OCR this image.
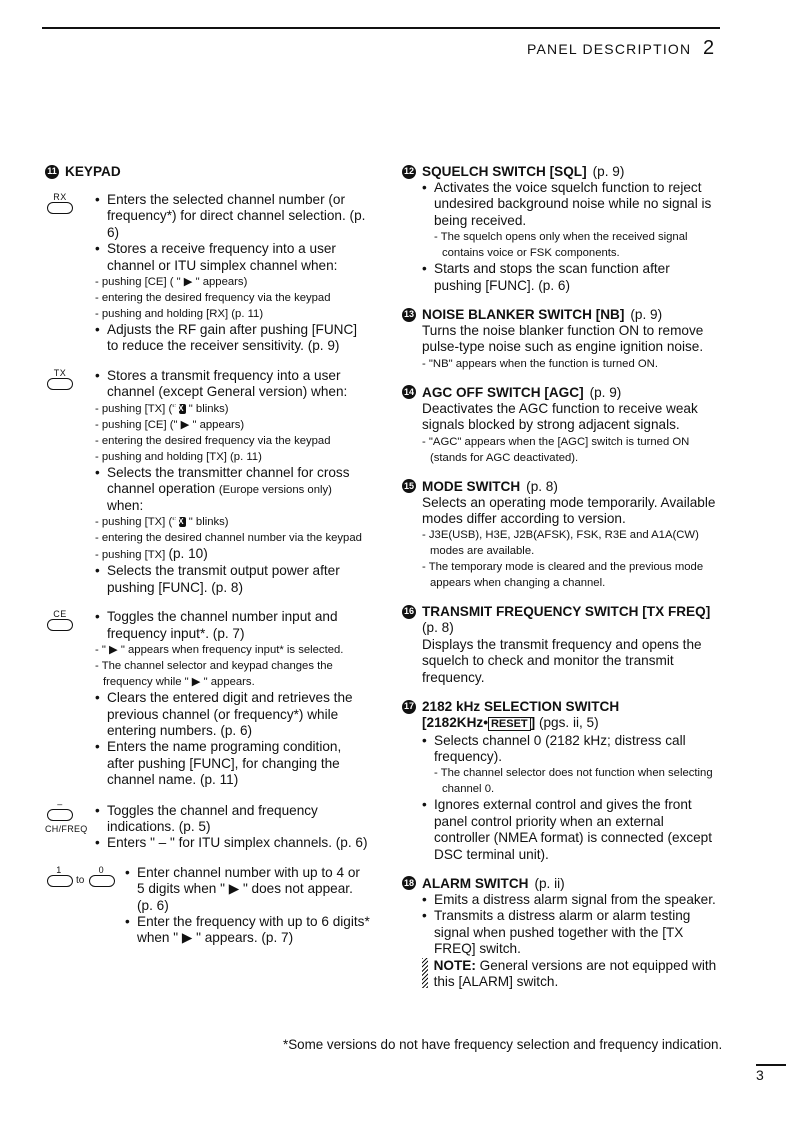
PANEL DESCRIPTION 2
11 KEYPAD
RX	• Enters the selected channel number (or frequency*) for direct channel selection. (p. 6)

• Stores a receive frequency into a user channel or ITU simplex channel when:

- pushing [CE] ( " ▶ " appears)

- entering the desired frequency via the keypad

- pushing and holding [RX] (p. 11)

• Adjusts the RF gain after pushing [FUNC] to reduce the receiver sensitivity. (p. 9)

TX	• Stores a transmit frequency into a user channel (except General version) when:

- pushing [TX] (" TX " blinks)

- pushing [CE] (" ▶ " appears)

- entering the desired frequency via the keypad

- pushing and holding [TX] (p. 11)

• Selects the transmitter channel for cross channel operation (Europe versions only) when:

- pushing [TX] (" TX " blinks)

- entering the desired channel number via the keypad

- pushing [TX] (p. 10)

• Selects the transmit output power after pushing [FUNC]. (p. 8)

CE	• Toggles the channel number input and frequency input*. (p. 7)

- " ▶ " appears when frequency input* is selected.

- The channel selector and keypad changes the frequency while " ▶ " appears.

• Clears the entered digit and retrieves the previous channel (or frequency*) while entering numbers. (p. 6)

• Enters the name programing condition, after pushing [FUNC], for changing the channel name. (p. 11)

–
CH/FREQ

• Toggles the channel and frequency indications. (p. 5)

• Enters " – " for ITU simplex channels. (p. 6)

1
to
0	• Enter channel number with up to 4 or 5 digits when " ▶ " does not appear. (p. 6)

• Enter the frequency with up to 6 digits* when " ▶ " appears. (p. 7)

12 SQUELCH SWITCH [SQL] (p. 9)

• Activates the voice squelch function to reject undesired background noise while no signal is being received.

- The squelch opens only when the received signal contains voice or FSK components.

• Starts and stops the scan function after pushing [FUNC]. (p. 6)

13 NOISE BLANKER SWITCH [NB] (p. 9)

Turns the noise blanker function ON to remove pulse-type noise such as engine ignition noise.

- "NB" appears when the function is turned ON.

14 AGC OFF SWITCH [AGC] (p. 9)

Deactivates the AGC function to receive weak signals blocked by strong adjacent signals.

- "AGC" appears when the [AGC] switch is turned ON (stands for AGC deactivated).

15 MODE SWITCH (p. 8)

Selects an operating mode temporarily. Available modes differ according to version.

- J3E(USB), H3E, J2B(AFSK), FSK, R3E and A1A(CW) modes are available.

- The temporary mode is cleared and the previous mode appears when changing a channel.

16 TRANSMIT FREQUENCY SWITCH [TX FREQ]

(p. 8)

Displays the transmit frequency and opens the squelch to check and monitor the transmit frequency.

17 2182 kHz SELECTION SWITCH

[2182KHz• RESET ] (pgs. ii, 5)

• Selects channel 0 (2182 kHz; distress call frequency).

- The channel selector does not function when selecting channel 0.

• Ignores external control and gives the front panel control priority when an external controller (NMEA format) is connected (except DSC terminal unit).

18 ALARM SWITCH (p. ii)

• Emits a distress alarm signal from the speaker.

• Transmits a distress alarm or alarm testing signal when pushed together with the [TX FREQ] switch.

NOTE: General versions are not equipped with this [ALARM] switch.

*Some versions do not have frequency selection and frequency indication.
3
